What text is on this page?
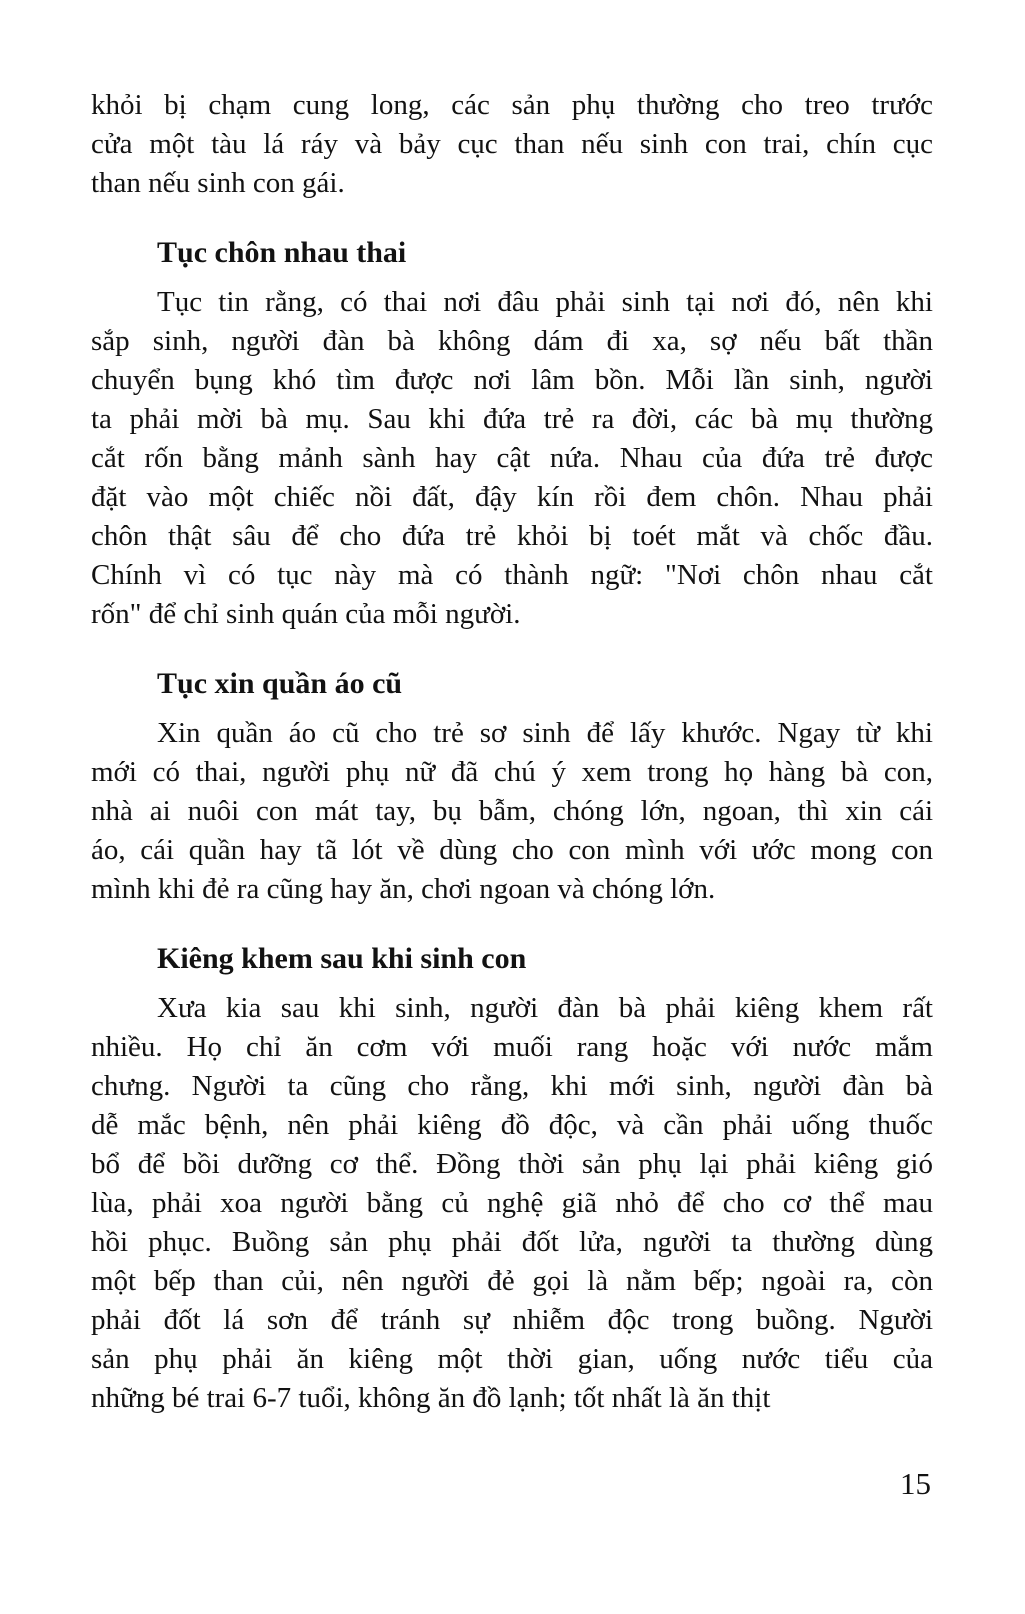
khỏi bị chạm cung long, các sản phụ thường cho treo trước
cửa một tàu lá ráy và bảy cục than nếu sinh con trai, chín cục
than nếu sinh con gái.
Tục chôn nhau thai
Tục tin rằng, có thai nơi đâu phải sinh tại nơi đó, nên khi
sắp sinh, người đàn bà không dám đi xa, sợ nếu bất thần
chuyển bụng khó tìm được nơi lâm bồn. Mỗi lần sinh, người
ta phải mời bà mụ. Sau khi đứa trẻ ra đời, các bà mụ thường
cắt rốn bằng mảnh sành hay cật nứa. Nhau của đứa trẻ được
đặt vào một chiếc nồi đất, đậy kín rồi đem chôn. Nhau phải
chôn thật sâu để cho đứa trẻ khỏi bị toét mắt và chốc đầu.
Chính vì có tục này mà có thành ngữ: "Nơi chôn nhau cắt
rốn" để chỉ sinh quán của mỗi người.
Tục xin quần áo cũ
Xin quần áo cũ cho trẻ sơ sinh để lấy khước. Ngay từ khi
mới có thai, người phụ nữ đã chú ý xem trong họ hàng bà con,
nhà ai nuôi con mát tay, bụ bẫm, chóng lớn, ngoan, thì xin cái
áo, cái quần hay tã lót về dùng cho con mình với ước mong con
mình khi đẻ ra cũng hay ăn, chơi ngoan và chóng lớn.
Kiêng khem sau khi sinh con
Xưa kia sau khi sinh, người đàn bà phải kiêng khem rất
nhiều. Họ chỉ ăn cơm với muối rang hoặc với nước mắm
chưng. Người ta cũng cho rằng, khi mới sinh, người đàn bà
dễ mắc bệnh, nên phải kiêng đồ độc, và cần phải uống thuốc
bổ để bồi dưỡng cơ thể. Đồng thời sản phụ lại phải kiêng gió
lùa, phải xoa người bằng củ nghệ giã nhỏ để cho cơ thể mau
hồi phục. Buồng sản phụ phải đốt lửa, người ta thường dùng
một bếp than củi, nên người đẻ gọi là nằm bếp; ngoài ra, còn
phải đốt lá sơn để tránh sự nhiễm độc trong buồng. Người
sản phụ phải ăn kiêng một thời gian, uống nước tiểu của
những bé trai 6-7 tuổi, không ăn đồ lạnh; tốt nhất là ăn thịt
15
